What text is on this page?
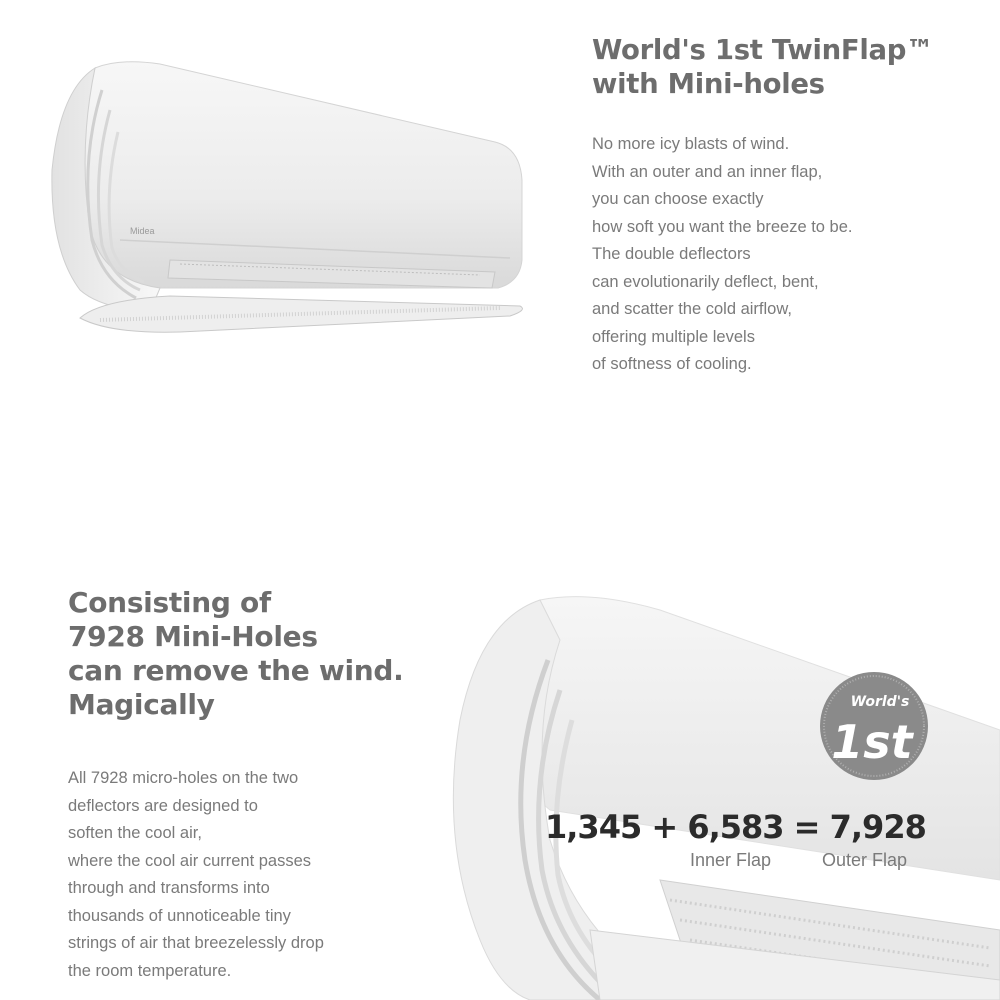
Midea
World's 1st TwinFlap™
with Mini-holes

No more icy blasts of wind.
With an outer and an inner flap,
you can choose exactly
how soft you want the breeze to be.
The double deflectors
can evolutionarily deflect, bent,
and scatter the cold airflow,
offering multiple levels
of softness of cooling.

World's
1st
Consisting of
7928 Mini-Holes
can remove the wind.
Magically

All 7928 micro-holes on the two
deflectors are designed to
soften the cool air,
where the cool air current passes
through and transforms into
thousands of unnoticeable tiny
strings of air that breezelessly drop
the room temperature.

1,345 + 6,583 = 7,928
Inner Flap	Outer Flap
